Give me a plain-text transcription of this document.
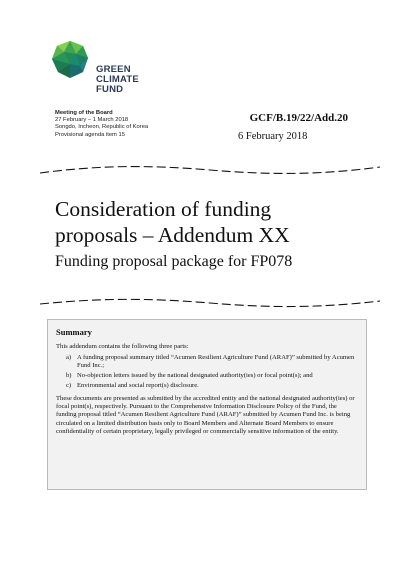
GREEN
CLIMATE
FUND
Meeting of the Board
27 February – 1 March 2018
Songdo, Incheon, Republic of Korea
Provisional agenda item 15
GCF/B.19/22/Add.20
6 February 2018
Consideration of funding
proposals – Addendum XX
Funding proposal package for FP078
Summary

This addendum contains the following three parts:

a) A funding proposal summary titled “Acumen Resilient Agriculture Fund (ARAF)” submitted by Acumen Fund Inc.;
b) No-objection letters issued by the national designated authority(ies) or focal point(s); and
c) Environmental and social report(s) disclosure.

These documents are presented as submitted by the accredited entity and the national designated authority(ies) or focal point(s), respectively. Pursuant to the Comprehensive Information Disclosure Policy of the Fund, the funding proposal titled “Acumen Resilient Agriculture Fund (ARAF)” submitted by Acumen Fund Inc. is being circulated on a limited distribution basis only to Board Members and Alternate Board Members to ensure confidentiality of certain proprietary, legally privileged or commercially sensitive information of the entity.
